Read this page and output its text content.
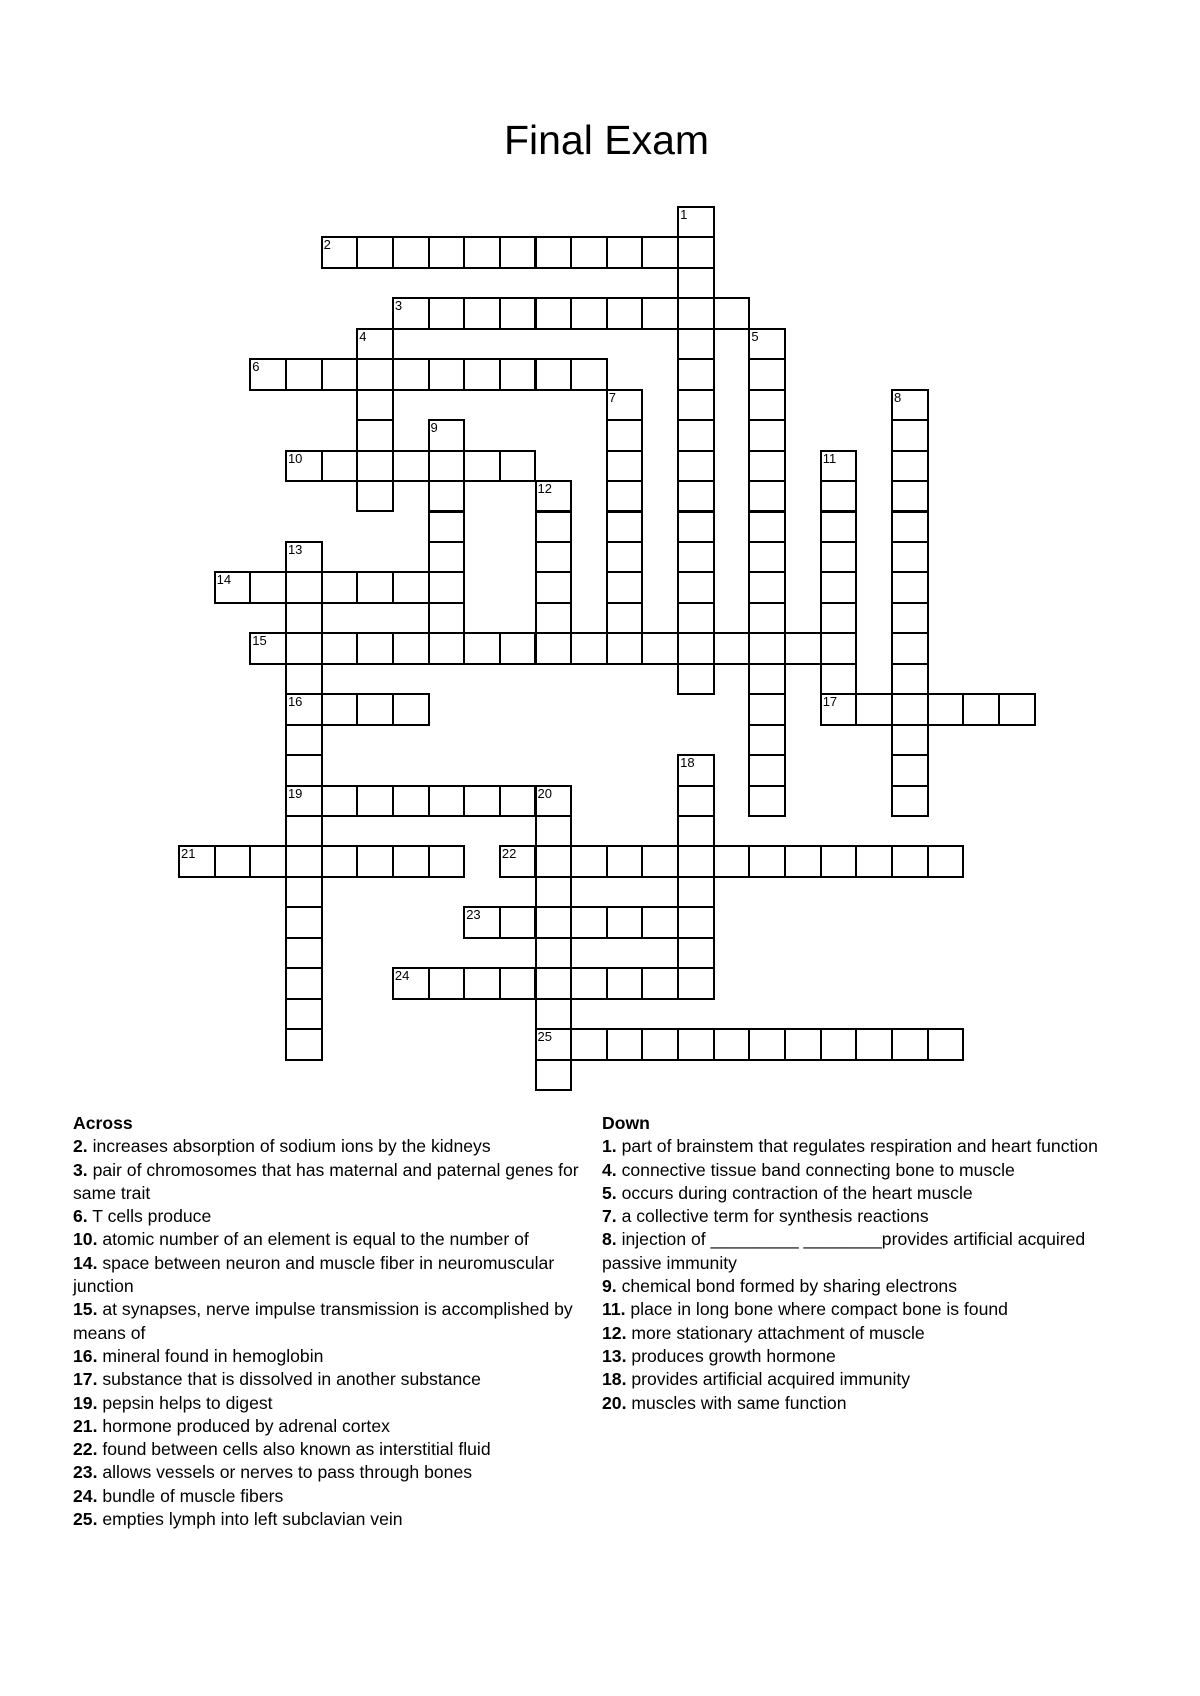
Final Exam
1
2
3
4	5
6
7	8
9
10	11
17
12
13
16
19
14
15
18
20
25
21	22
23
24
Across
2. increases absorption of sodium ions by the kidneys
3. pair of chromosomes that has maternal and paternal genes for same trait
6. T cells produce
10. atomic number of an element is equal to the number of
14. space between neuron and muscle fiber in neuromuscular junction
15. at synapses, nerve impulse transmission is accomplished by means of
16. mineral found in hemoglobin
17. substance that is dissolved in another substance
19. pepsin helps to digest
21. hormone produced by adrenal cortex
22. found between cells also known as interstitial fluid
23. allows vessels or nerves to pass through bones
24. bundle of muscle fibers
25. empties lymph into left subclavian vein
Down
1. part of brainstem that regulates respiration and heart function
4. connective tissue band connecting bone to muscle
5. occurs during contraction of the heart muscle
7. a collective term for synthesis reactions
8. injection of _________ ________provides artificial acquired passive immunity
9. chemical bond formed by sharing electrons
11. place in long bone where compact bone is found
12. more stationary attachment of muscle
13. produces growth hormone
18. provides artificial acquired immunity
20. muscles with same function
